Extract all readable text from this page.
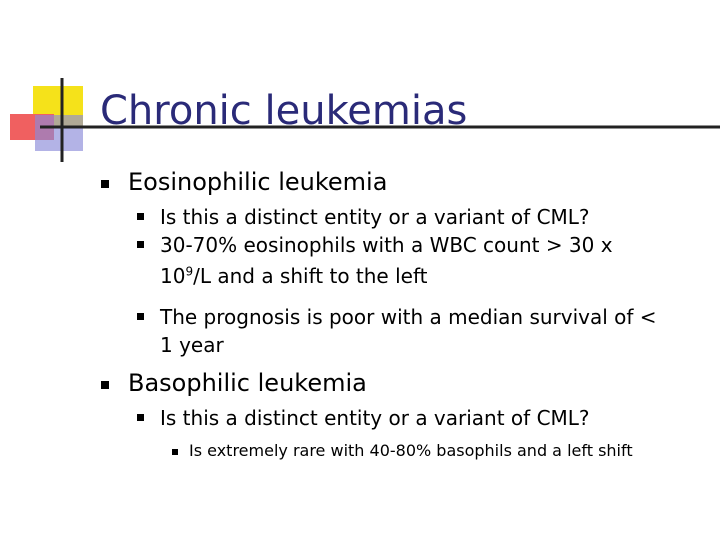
Chronic leukemias
Eosinophilic leukemia
Is this a distinct entity or a variant of CML?
30-70% eosinophils with a WBC count > 30 x
$10^9/L$ and a shift to the left
The prognosis is poor with a median survival of <
1 year
Basophilic leukemia
Is this a distinct entity or a variant of CML?
Is extremely rare with 40-80% basophils and a left shift
